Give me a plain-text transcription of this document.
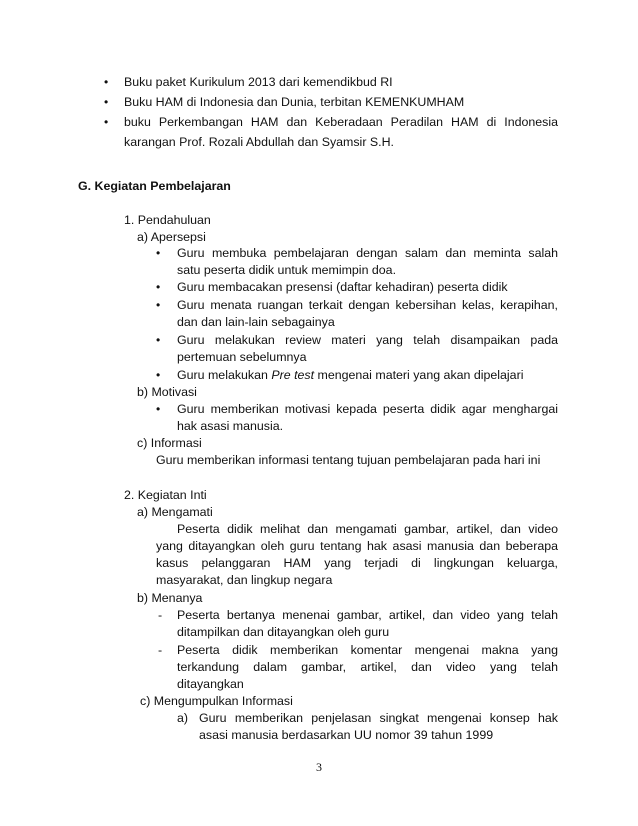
• Buku paket Kurikulum 2013 dari kemendikbud RI
• Buku HAM di Indonesia dan Dunia, terbitan KEMENKUMHAM
• buku Perkembangan HAM dan Keberadaan Peradilan HAM di Indonesia
karangan Prof. Rozali Abdullah dan Syamsir S.H.
G. Kegiatan Pembelajaran
1. Pendahuluan
a) Apersepsi
• Guru membuka pembelajaran dengan salam dan meminta salah
satu peserta didik untuk memimpin doa.
• Guru membacakan presensi (daftar kehadiran) peserta didik
• Guru menata ruangan terkait dengan kebersihan kelas, kerapihan,
dan dan lain-lain sebagainya
• Guru melakukan review materi yang telah disampaikan pada
pertemuan sebelumnya
• Guru melakukan Pre test mengenai materi yang akan dipelajari
b) Motivasi
• Guru memberikan motivasi kepada peserta didik agar menghargai
hak asasi manusia.
c) Informasi
Guru memberikan informasi tentang tujuan pembelajaran pada hari ini
2. Kegiatan Inti
a) Mengamati
Peserta didik melihat dan mengamati gambar, artikel, dan video
yang ditayangkan oleh guru tentang hak asasi manusia dan beberapa
kasus pelanggaran HAM yang terjadi di lingkungan keluarga,
masyarakat, dan lingkup negara
b) Menanya
- Peserta bertanya menenai gambar, artikel, dan video yang telah
ditampilkan dan ditayangkan oleh guru
- Peserta didik memberikan komentar mengenai makna yang
terkandung dalam gambar, artikel, dan video yang telah
ditayangkan
c) Mengumpulkan Informasi
a) Guru memberikan penjelasan singkat mengenai konsep hak
asasi manusia berdasarkan UU nomor 39 tahun 1999
3
